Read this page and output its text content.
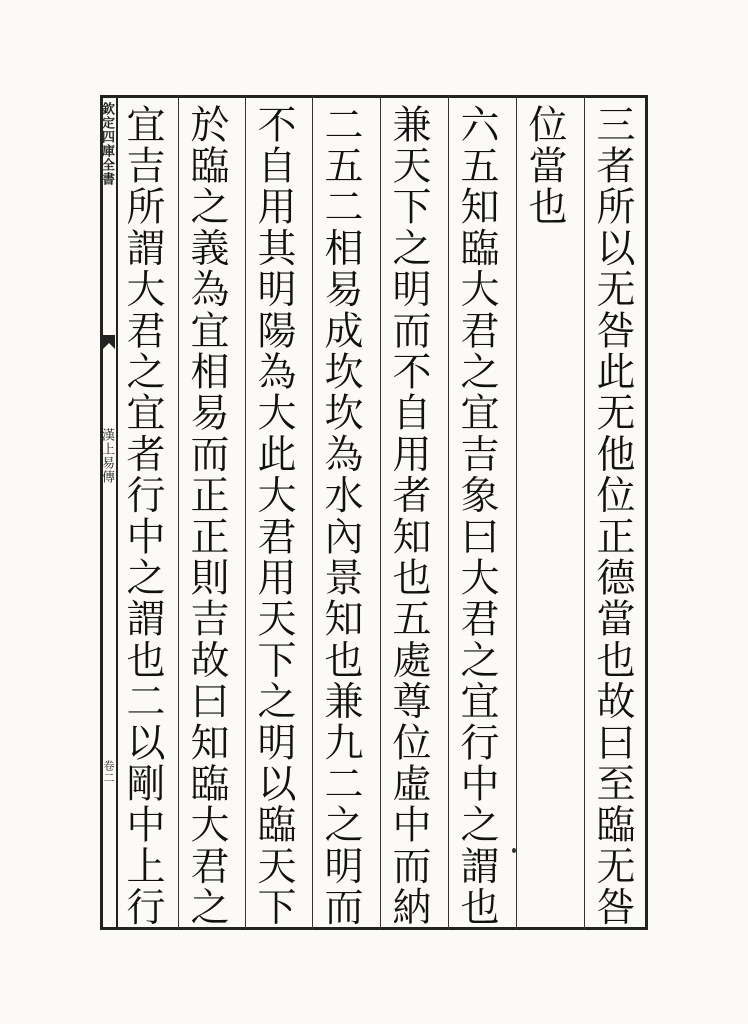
欽定四庫全書
漢上易傳
卷二	三者所以无咎此无他位正德當也故曰至臨无咎
位當也
六五知臨大君之宜吉象曰大君之宜行中之謂也
兼天下之明而不自用者知也五處尊位虛中而納
二五二相易成坎坎為水內景知也兼九二之明而
不自用其明陽為大此大君用天下之明以臨天下
於臨之義為宜相易而正正則吉故曰知臨大君之
宜吉所謂大君之宜者行中之謂也二以剛中上行
